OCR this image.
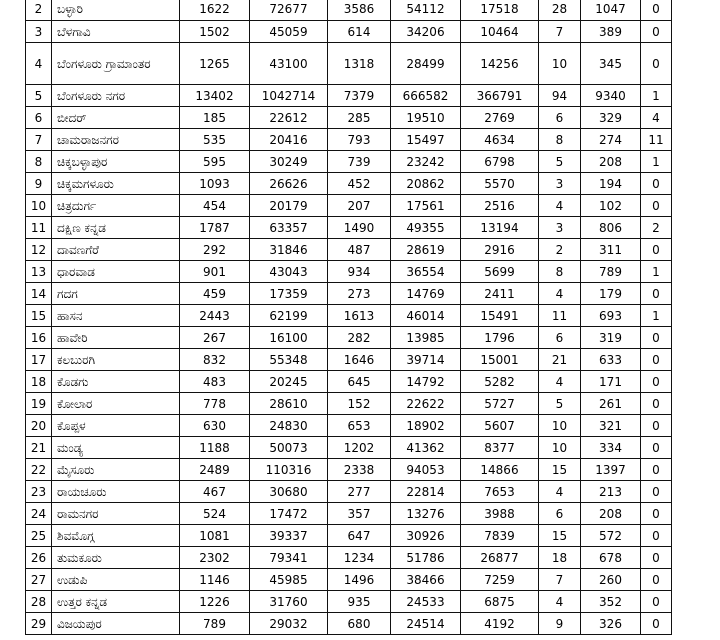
2	ಬಳ್ಳಾರಿ	1622	72677	3586	54112	17518	28	1047	0
3	ಬೆಳಗಾವಿ	1502	45059	614	34206	10464	7	389	0
4	ಬೆಂಗಳೂರು ಗ್ರಾಮಾಂತರ	1265	43100	1318	28499	14256	10	345	0
5	ಬೆಂಗಳೂರು ನಗರ	13402	1042714	7379	666582	366791	94	9340	1
6	ಬೀದರ್	185	22612	285	19510	2769	6	329	4
7	ಚಾಮರಾಜನಗರ	535	20416	793	15497	4634	8	274	11
8	ಚಿಕ್ಕಬಳ್ಳಾಪುರ	595	30249	739	23242	6798	5	208	1
9	ಚಿಕ್ಕಮಗಳೂರು	1093	26626	452	20862	5570	3	194	0
10	ಚಿತ್ರದುರ್ಗ	454	20179	207	17561	2516	4	102	0
11	ದಕ್ಷಿಣ ಕನ್ನಡ	1787	63357	1490	49355	13194	3	806	2
12	ದಾವಣಗೆರೆ	292	31846	487	28619	2916	2	311	0
13	ಧಾರವಾಡ	901	43043	934	36554	5699	8	789	1
14	ಗದಗ	459	17359	273	14769	2411	4	179	0
15	ಹಾಸನ	2443	62199	1613	46014	15491	11	693	1
16	ಹಾವೇರಿ	267	16100	282	13985	1796	6	319	0
17	ಕಲಬುರಗಿ	832	55348	1646	39714	15001	21	633	0
18	ಕೊಡಗು	483	20245	645	14792	5282	4	171	0
19	ಕೋಲಾರ	778	28610	152	22622	5727	5	261	0
20	ಕೊಪ್ಪಳ	630	24830	653	18902	5607	10	321	0
21	ಮಂಡ್ಯ	1188	50073	1202	41362	8377	10	334	0
22	ಮೈಸೂರು	2489	110316	2338	94053	14866	15	1397	0
23	ರಾಯಚೂರು	467	30680	277	22814	7653	4	213	0
24	ರಾಮನಗರ	524	17472	357	13276	3988	6	208	0
25	ಶಿವಮೊಗ್ಗ	1081	39337	647	30926	7839	15	572	0
26	ತುಮಕೂರು	2302	79341	1234	51786	26877	18	678	0
27	ಉಡುಪಿ	1146	45985	1496	38466	7259	7	260	0
28	ಉತ್ತರ ಕನ್ನಡ	1226	31760	935	24533	6875	4	352	0
29	ವಿಜಯಪುರ	789	29032	680	24514	4192	9	326	0
